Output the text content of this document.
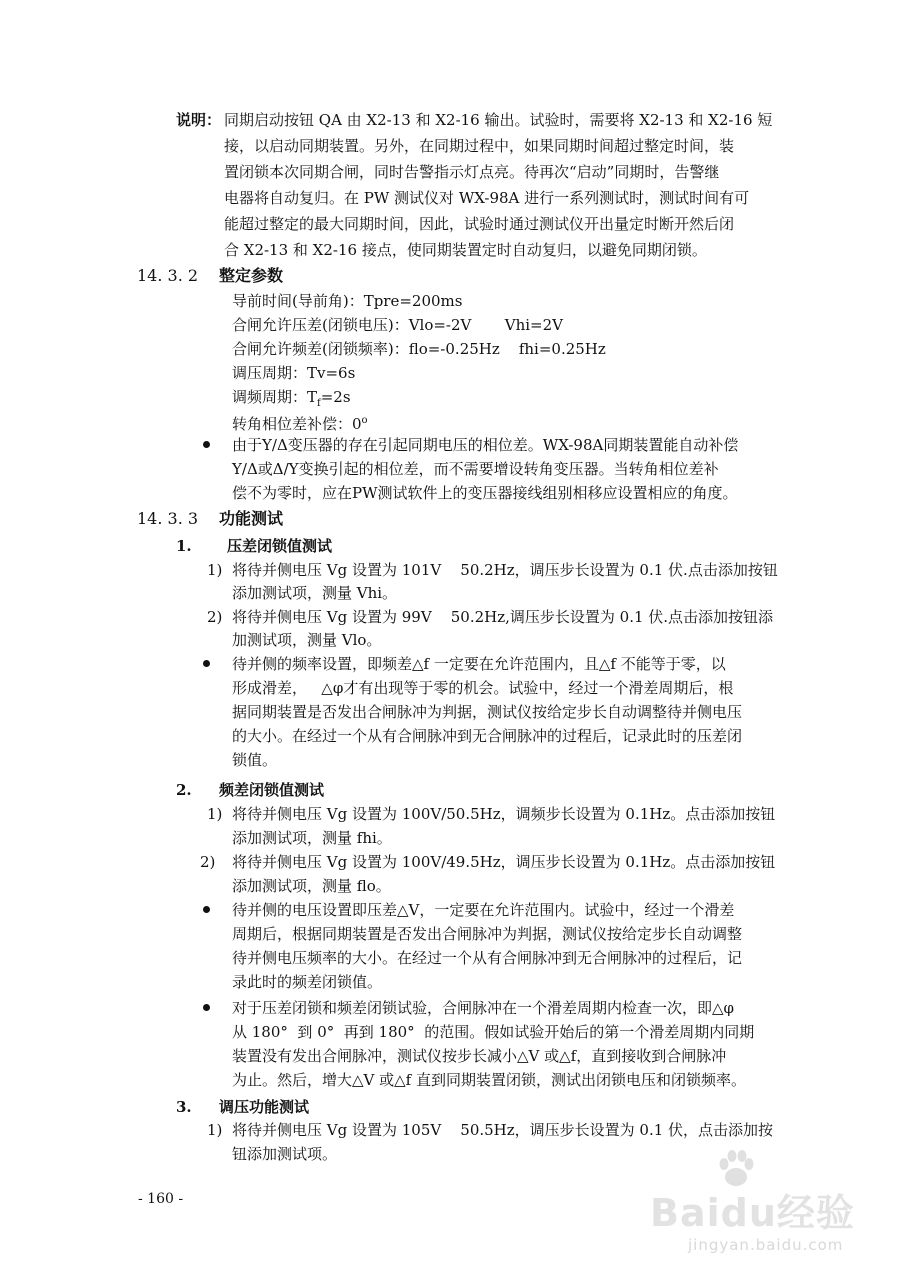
说明： 同期启动按钮 QA 由 X2-13 和 X2-16 输出。试验时，需要将 X2-13 和 X2-16 短
接，以启动同期装置。另外，在同期过程中，如果同期时间超过整定时间，装
置闭锁本次同期合闸，同时告警指示灯点亮。待再次“启动”同期时，告警继
电器将自动复归。在 PW 测试仪对 WX-98A 进行一系列测试时，测试时间有可
能超过整定的最大同期时间，因此，试验时通过测试仪开出量定时断开然后闭
合 X2-13 和 X2-16 接点，使同期装置定时自动复归，以避免同期闭锁。
14. 3. 2 整定参数
导前时间(导前角)：Tpre=200ms
合闸允许压差(闭锁电压)：Vlo=-2V       Vhi=2V
合闸允许频差(闭锁频率)：flo=-0.25Hz    fhi=0.25Hz
调压周期：Tv=6s
调频周期：$T_f=2s$
转角相位差补偿：0$^o$
由于Y/Δ变压器的存在引起同期电压的相位差。WX-98A同期装置能自动补偿
Y/Δ或Δ/Y变换引起的相位差，而不需要增设转角变压器。当转角相位差补
偿不为零时，应在PW测试软件上的变压器接线组别相移应设置相应的角度。
14. 3. 3 功能测试
1. 压差闭锁值测试
1) 将待并侧电压 Vg 设置为 101V    50.2Hz，调压步长设置为 0.1 伏.点击添加按钮
添加测试项，测量 Vhi。
2) 将待并侧电压 Vg 设置为 99V    50.2Hz,调压步长设置为 0.1 伏.点击添加按钮添
加测试项，测量 Vlo。
待并侧的频率设置，即频差△f 一定要在允许范围内，且△f 不能等于零，以
形成滑差，   △φ才有出现等于零的机会。试验中，经过一个滑差周期后，根
据同期装置是否发出合闸脉冲为判据，测试仪按给定步长自动调整待并侧电压
的大小。在经过一个从有合闸脉冲到无合闸脉冲的过程后，记录此时的压差闭
锁值。
2. 频差闭锁值测试
1) 将待并侧电压 Vg 设置为 100V/50.5Hz，调频步长设置为 0.1Hz。点击添加按钮
添加测试项，测量 fhi。
2) 将待并侧电压 Vg 设置为 100V/49.5Hz，调压步长设置为 0.1Hz。点击添加按钮
添加测试项，测量 flo。
待并侧的电压设置即压差△V，一定要在允许范围内。试验中，经过一个滑差
周期后，根据同期装置是否发出合闸脉冲为判据，测试仪按给定步长自动调整
待并侧电压频率的大小。在经过一个从有合闸脉冲到无合闸脉冲的过程后，记
录此时的频差闭锁值。
对于压差闭锁和频差闭锁试验，合闸脉冲在一个滑差周期内检查一次，即△φ
从 180°  到 0°  再到 180°  的范围。假如试验开始后的第一个滑差周期内同期
装置没有发出合闸脉冲，测试仪按步长减小△V 或△f，直到接收到合闸脉冲
为止。然后，增大△V 或△f 直到同期装置闭锁，测试出闭锁电压和闭锁频率。
3. 调压功能测试
1) 将待并侧电压 Vg 设置为 105V    50.5Hz，调压步长设置为 0.1 伏，点击添加按
钮添加测试项。
- 160 -	Baidu经验
jingyan.baidu.com
